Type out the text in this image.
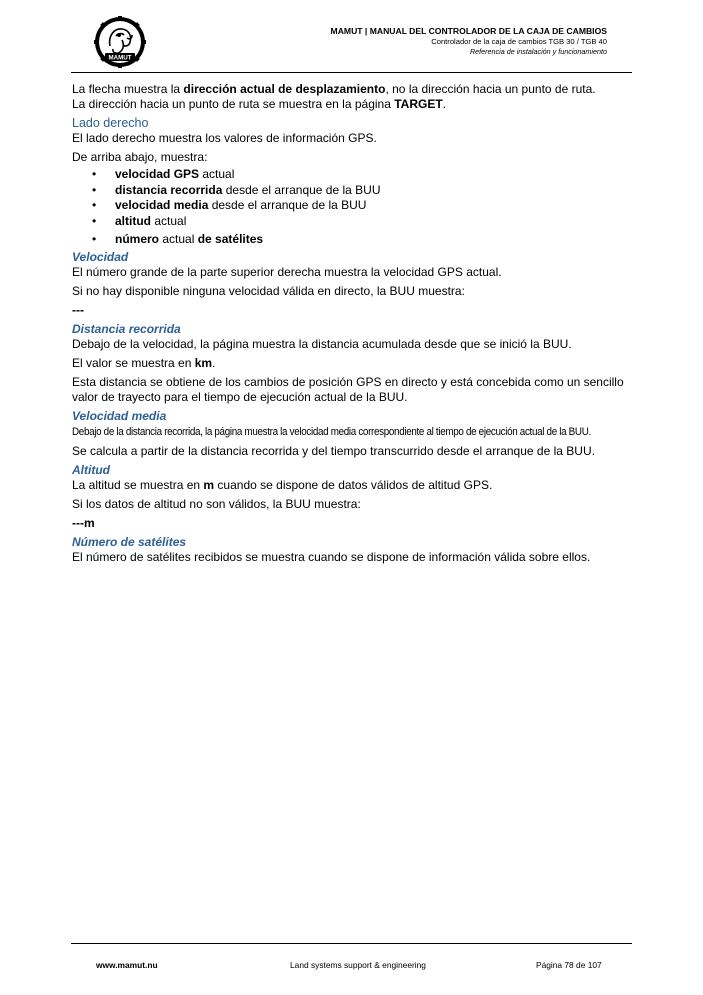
MAMUT
MAMUT | MANUAL DEL CONTROLADOR DE LA CAJA DE CAMBIOS
Controlador de la caja de cambios TGB 30 / TGB 40
Referencia de instalación y funcionamiento

La flecha muestra la dirección actual de desplazamiento, no la dirección hacia un punto de ruta.
La dirección hacia un punto de ruta se muestra en la página TARGET.

Lado derecho

El lado derecho muestra los valores de información GPS.

De arriba abajo, muestra:

• velocidad GPS actual
• distancia recorrida desde el arranque de la BUU
• velocidad media desde el arranque de la BUU
• altitud actual
• número actual de satélites
Velocidad

El número grande de la parte superior derecha muestra la velocidad GPS actual.

Si no hay disponible ninguna velocidad válida en directo, la BUU muestra:

---

Distancia recorrida

Debajo de la velocidad, la página muestra la distancia acumulada desde que se inició la BUU.

El valor se muestra en km.

Esta distancia se obtiene de los cambios de posición GPS en directo y está concebida como un sencillo valor de trayecto para el tiempo de ejecución actual de la BUU.

Velocidad media

Debajo de la distancia recorrida, la página muestra la velocidad media correspondiente al tiempo de ejecución actual de la BUU.

Se calcula a partir de la distancia recorrida y del tiempo transcurrido desde el arranque de la BUU.

Altitud

La altitud se muestra en m cuando se dispone de datos válidos de altitud GPS.

Si los datos de altitud no son válidos, la BUU muestra:

---m

Número de satélites

El número de satélites recibidos se muestra cuando se dispone de información válida sobre ellos.

www.mamut.nu	Land systems support & engineering	Página 78 de 107
